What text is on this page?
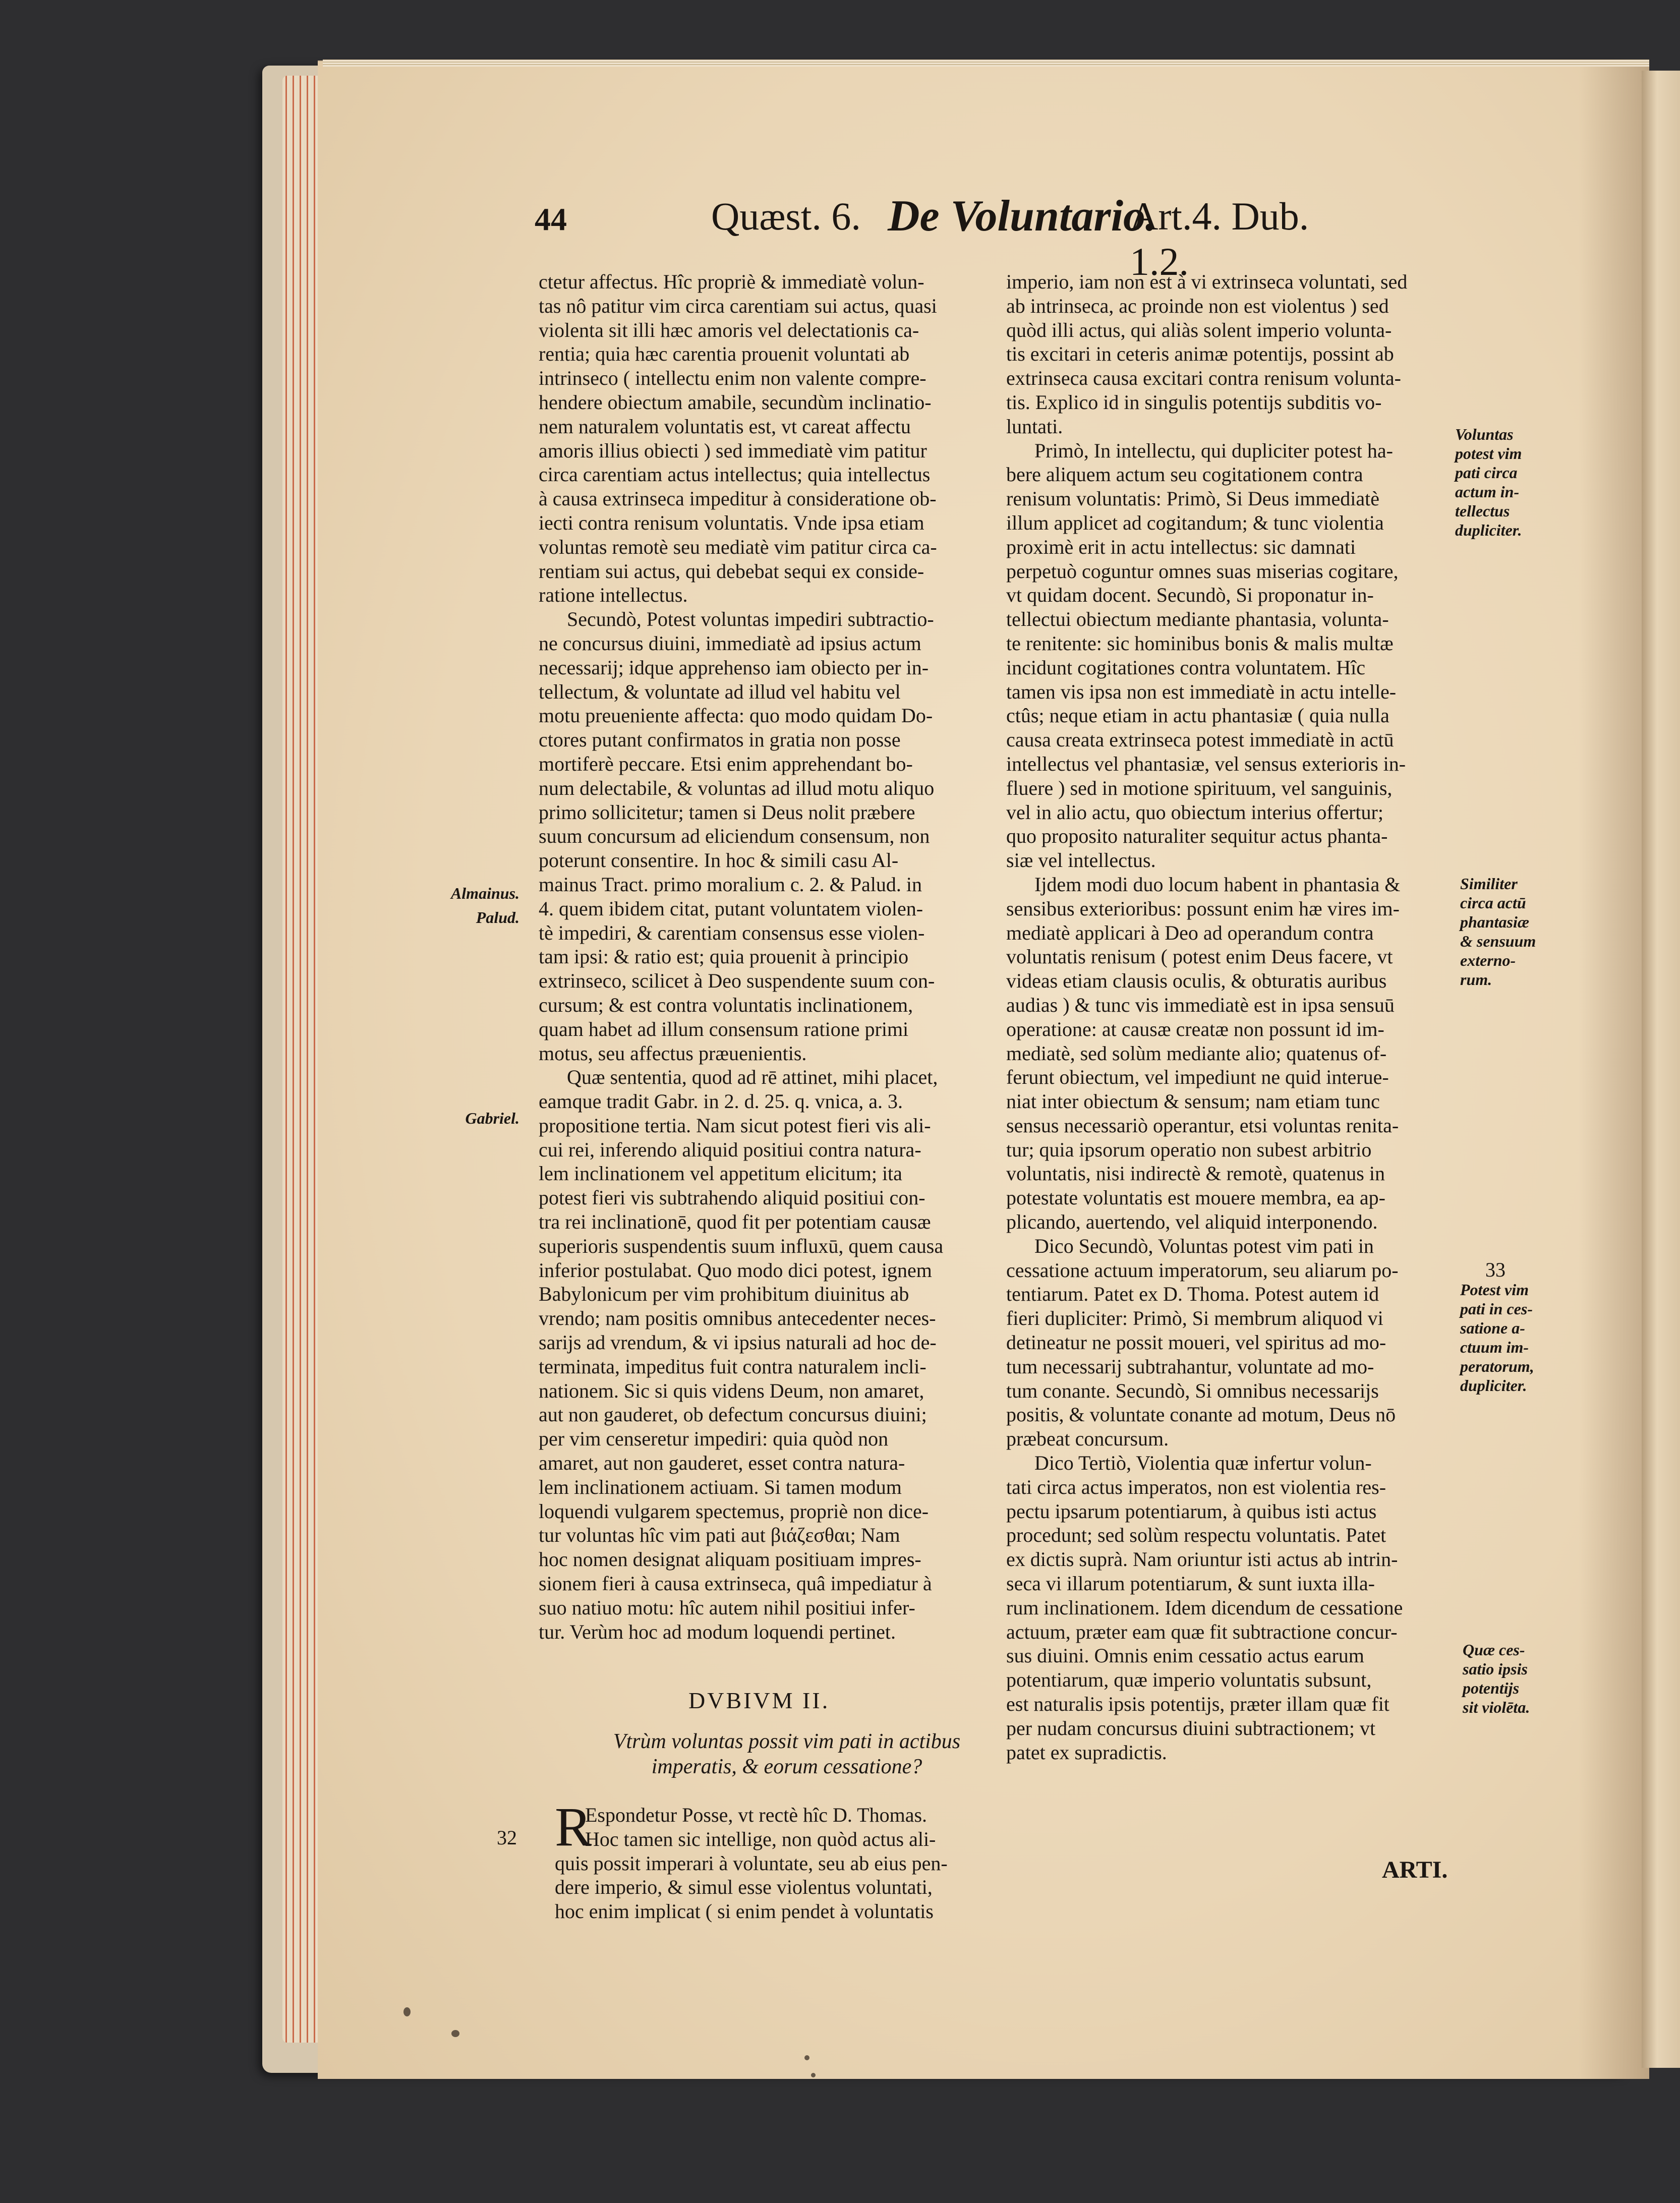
44	Quæst. 6. De Voluntario.
Art.4. Dub. 1.2.
ctetur affectus. Hîc propriè & immediatè volun-
tas nô patitur vim circa carentiam sui actus, quasi
violenta sit illi hæc amoris vel delectationis ca-
rentia; quia hæc carentia prouenit voluntati ab
intrinseco ( intellectu enim non valente compre-
hendere obiectum amabile, secundùm inclinatio-
nem naturalem voluntatis est, vt careat affectu
amoris illius obiecti ) sed immediatè vim patitur
circa carentiam actus intellectus; quia intellectus
à causa extrinseca impeditur à consideratione ob-
iecti contra renisum voluntatis. Vnde ipsa etiam
voluntas remotè seu mediatè vim patitur circa ca-
rentiam sui actus, qui debebat sequi ex conside-
ratione intellectus.
Secundò, Potest voluntas impediri subtractio-
ne concursus diuini, immediatè ad ipsius actum
necessarij; idque apprehenso iam obiecto per in-
tellectum, & voluntate ad illud vel habitu vel
motu preueniente affecta: quo modo quidam Do-
ctores putant confirmatos in gratia non posse
mortiferè peccare. Etsi enim apprehendant bo-
num delectabile, & voluntas ad illud motu aliquo
primo sollicitetur; tamen si Deus nolit præbere
suum concursum ad eliciendum consensum, non
poterunt consentire. In hoc & simili casu Al-
mainus Tract. primo moralium c. 2. & Palud. in
4. quem ibidem citat, putant voluntatem violen-
tè impediri, & carentiam consensus esse violen-
tam ipsi: & ratio est; quia prouenit à principio
extrinseco, scilicet à Deo suspendente suum con-
cursum; & est contra voluntatis inclinationem,
quam habet ad illum consensum ratione primi
motus, seu affectus præuenientis.
Quæ sententia, quod ad rē attinet, mihi placet,
eamque tradit Gabr. in 2. d. 25. q. vnica, a. 3.
propositione tertia. Nam sicut potest fieri vis ali-
cui rei, inferendo aliquid positiui contra natura-
lem inclinationem vel appetitum elicitum; ita
potest fieri vis subtrahendo aliquid positiui con-
tra rei inclinationē, quod fit per potentiam causæ
superioris suspendentis suum influxū, quem causa
inferior postulabat. Quo modo dici potest, ignem
Babylonicum per vim prohibitum diuinitus ab
vrendo; nam positis omnibus antecedenter neces-
sarijs ad vrendum, & vi ipsius naturali ad hoc de-
terminata, impeditus fuit contra naturalem incli-
nationem. Sic si quis videns Deum, non amaret,
aut non gauderet, ob defectum concursus diuini;
per vim censeretur impediri: quia quòd non
amaret, aut non gauderet, esset contra natura-
lem inclinationem actiuam. Si tamen modum
loquendi vulgarem spectemus, propriè non dice-
tur voluntas hîc vim pati aut βιάζεσθαι; Nam
hoc nomen designat aliquam positiuam impres-
sionem fieri à causa extrinseca, quâ impediatur à
suo natiuo motu: hîc autem nihil positiui infer-
tur. Verùm hoc ad modum loquendi pertinet.
imperio, iam non est à vi extrinseca voluntati, sed
ab intrinseca, ac proinde non est violentus ) sed
quòd illi actus, qui aliàs solent imperio volunta-
tis excitari in ceteris animæ potentijs, possint ab
extrinseca causa excitari contra renisum volunta-
tis. Explico id in singulis potentijs subditis vo-
luntati.
Primò, In intellectu, qui dupliciter potest ha-
bere aliquem actum seu cogitationem contra
renisum voluntatis: Primò, Si Deus immediatè
illum applicet ad cogitandum; & tunc violentia
proximè erit in actu intellectus: sic damnati
perpetuò coguntur omnes suas miserias cogitare,
vt quidam docent. Secundò, Si proponatur in-
tellectui obiectum mediante phantasia, volunta-
te renitente: sic hominibus bonis & malis multæ
incidunt cogitationes contra voluntatem. Hîc
tamen vis ipsa non est immediatè in actu intelle-
ctûs; neque etiam in actu phantasiæ ( quia nulla
causa creata extrinseca potest immediatè in actū
intellectus vel phantasiæ, vel sensus exterioris in-
fluere ) sed in motione spirituum, vel sanguinis,
vel in alio actu, quo obiectum interius offertur;
quo proposito naturaliter sequitur actus phanta-
siæ vel intellectus.
Ijdem modi duo locum habent in phantasia &
sensibus exterioribus: possunt enim hæ vires im-
mediatè applicari à Deo ad operandum contra
voluntatis renisum ( potest enim Deus facere, vt
videas etiam clausis oculis, & obturatis auribus
audias ) & tunc vis immediatè est in ipsa sensuū
operatione: at causæ creatæ non possunt id im-
mediatè, sed solùm mediante alio; quatenus of-
ferunt obiectum, vel impediunt ne quid interue-
niat inter obiectum & sensum; nam etiam tunc
sensus necessariò operantur, etsi voluntas renita-
tur; quia ipsorum operatio non subest arbitrio
voluntatis, nisi indirectè & remotè, quatenus in
potestate voluntatis est mouere membra, ea ap-
plicando, auertendo, vel aliquid interponendo.
Dico Secundò, Voluntas potest vim pati in
cessatione actuum imperatorum, seu aliarum po-
tentiarum. Patet ex D. Thoma. Potest autem id
fieri dupliciter: Primò, Si membrum aliquod vi
detineatur ne possit moueri, vel spiritus ad mo-
tum necessarij subtrahantur, voluntate ad mo-
tum conante. Secundò, Si omnibus necessarijs
positis, & voluntate conante ad motum, Deus nō
præbeat concursum.
Dico Tertiò, Violentia quæ infertur volun-
tati circa actus imperatos, non est violentia res-
pectu ipsarum potentiarum, à quibus isti actus
procedunt; sed solùm respectu voluntatis. Patet
ex dictis suprà. Nam oriuntur isti actus ab intrin-
seca vi illarum potentiarum, & sunt iuxta illa-
rum inclinationem. Idem dicendum de cessatione
actuum, præter eam quæ fit subtractione concur-
sus diuini. Omnis enim cessatio actus earum
potentiarum, quæ imperio voluntatis subsunt,
est naturalis ipsis potentijs, præter illam quæ fit
per nudam concursus diuini subtractionem; vt
patet ex supradictis.
DVBIVM II.
Vtrùm voluntas possit vim pati in actibus
imperatis, & eorum cessatione?
R
Espondetur Posse, vt rectè hîc D. Thomas.
Hoc tamen sic intellige, non quòd actus ali-
quis possit imperari à voluntate, seu ab eius pen-
dere imperio, & simul esse violentus voluntati,
hoc enim implicat ( si enim pendet à voluntatis
Almainus.
Palud.
Gabriel.
32
Voluntas
potest vim
pati circa
actum in-
tellectus
dupliciter.
Similiter
circa actū
phantasiæ
& sensuum
externo-
rum.
33
Potest vim
pati in ces-
satione a-
ctuum im-
peratorum,
dupliciter.
Quæ ces-
satio ipsis
potentijs
sit violēta.
ARTI.
